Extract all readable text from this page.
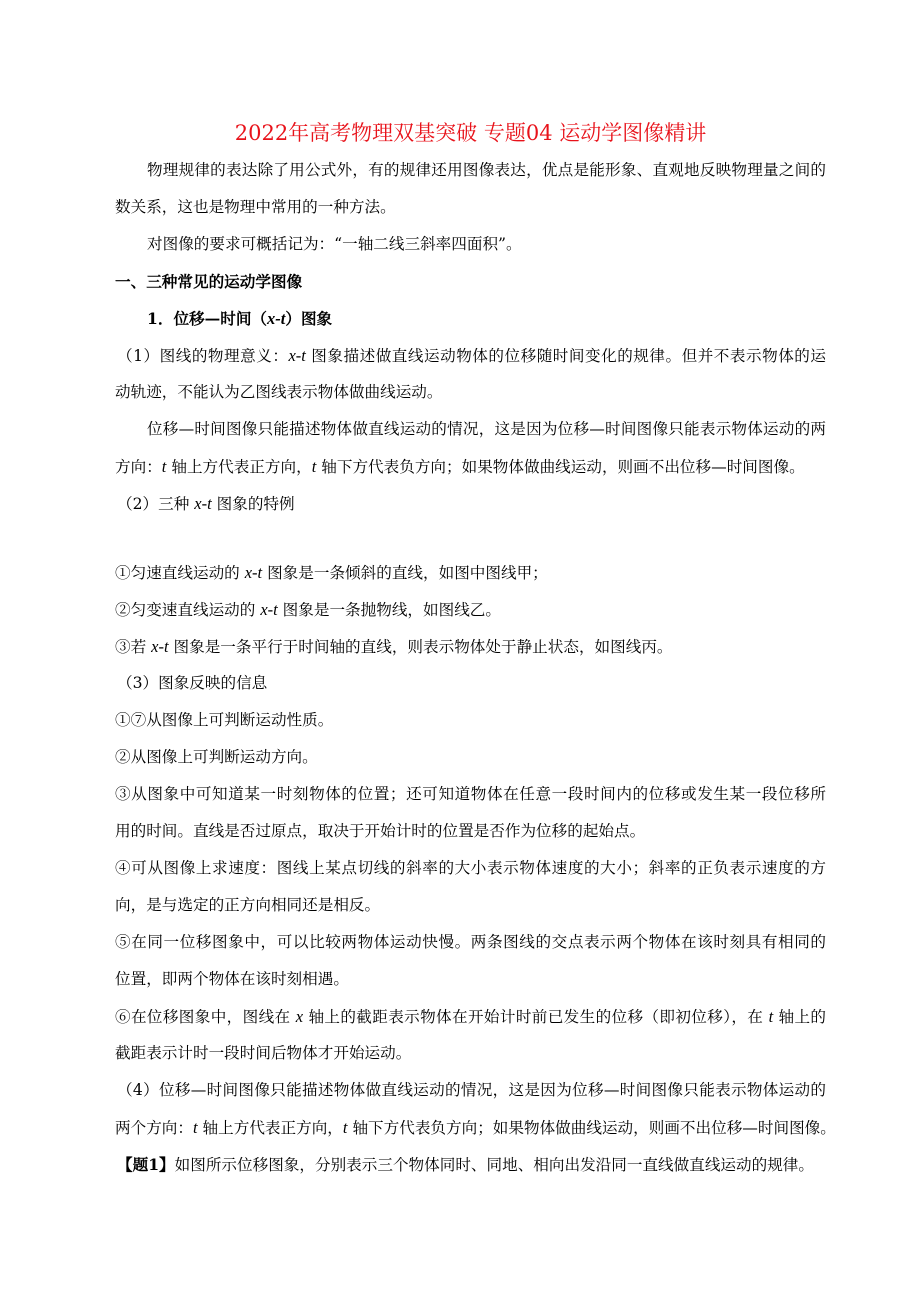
2022年高考物理双基突破 专题04 运动学图像精讲
物理规律的表达除了用公式外，有的规律还用图像表达，优点是能形象、直观地反映物理量之间的
数关系，这也是物理中常用的一种方法。
对图像的要求可概括记为：“一轴二线三斜率四面积”。
一、三种常见的运动学图像
1．位移—时间（x-t）图象
（1）图线的物理意义：x-t 图象描述做直线运动物体的位移随时间变化的规律。但并不表示物体的运
动轨迹，不能认为乙图线表示物体做曲线运动。
位移—时间图像只能描述物体做直线运动的情况，这是因为位移—时间图像只能表示物体运动的两
方向：t 轴上方代表正方向，t 轴下方代表负方向；如果物体做曲线运动，则画不出位移—时间图像。
（2）三种 x-t 图象的特例
①匀速直线运动的 x-t 图象是一条倾斜的直线，如图中图线甲；
②匀变速直线运动的 x-t 图象是一条抛物线，如图线乙。
③若 x-t 图象是一条平行于时间轴的直线，则表示物体处于静止状态，如图线丙。
（3）图象反映的信息
①⑦从图像上可判断运动性质。
②从图像上可判断运动方向。
③从图象中可知道某一时刻物体的位置；还可知道物体在任意一段时间内的位移或发生某一段位移所
用的时间。直线是否过原点，取决于开始计时的位置是否作为位移的起始点。
④可从图像上求速度：图线上某点切线的斜率的大小表示物体速度的大小；斜率的正负表示速度的方
向，是与选定的正方向相同还是相反。
⑤在同一位移图象中，可以比较两物体运动快慢。两条图线的交点表示两个物体在该时刻具有相同的
位置，即两个物体在该时刻相遇。
⑥在位移图象中，图线在 x 轴上的截距表示物体在开始计时前已发生的位移（即初位移），在 t 轴上的
截距表示计时一段时间后物体才开始运动。
（4）位移—时间图像只能描述物体做直线运动的情况，这是因为位移—时间图像只能表示物体运动的
两个方向：t 轴上方代表正方向，t 轴下方代表负方向；如果物体做曲线运动，则画不出位移—时间图像。
【题1】如图所示位移图象，分别表示三个物体同时、同地、相向出发沿同一直线做直线运动的规律。
